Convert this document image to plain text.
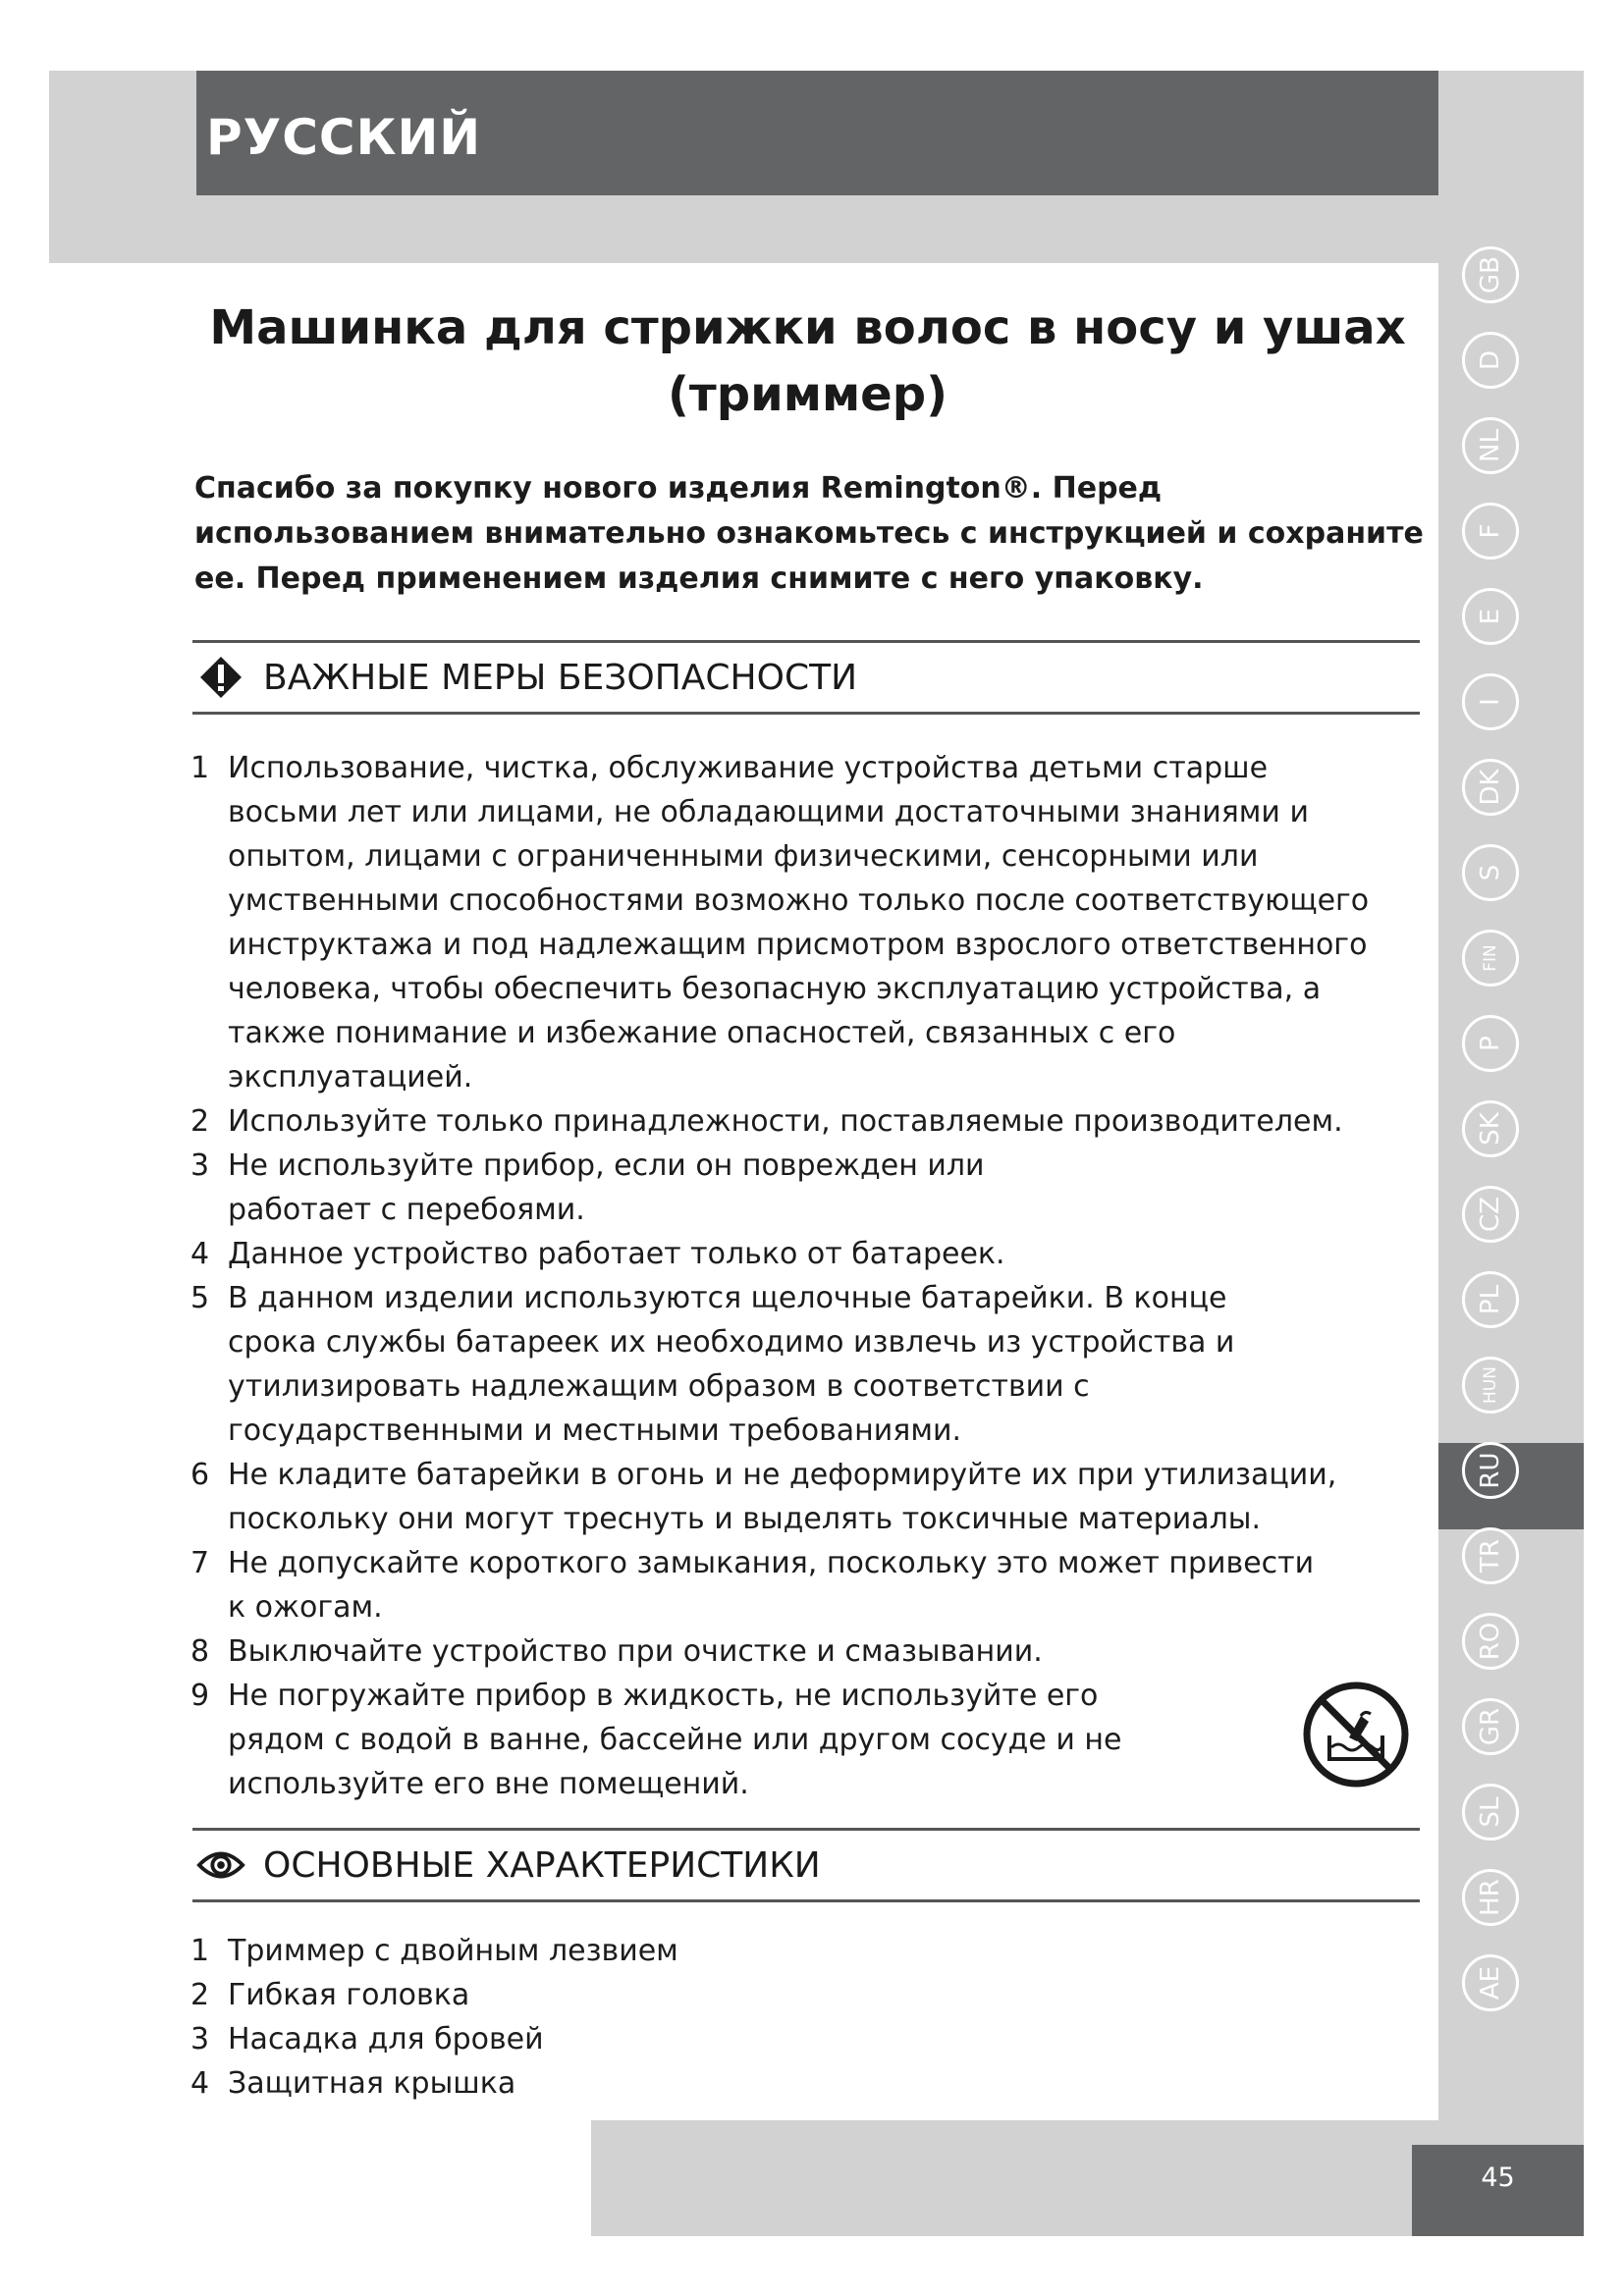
РУССКИЙ
GB
D
NL
F
E
I
DK
S
FIN
P
SK
CZ
PL
HUN
RU
TR
RO
GR
SL
HR
AE
Машинка для стрижки волос в носу и ушах (триммер)
Спасибо за покупку нового изделия Remington®. Перед использованием внимательно ознакомьтесь с инструкцией и сохраните ее. Перед применением изделия снимите с него упаковку.
ВАЖНЫЕ МЕРЫ БЕЗОПАСНОСТИ
1 Использование, чистка, обслуживание устройства детьми старше восьми лет или лицами, не обладающими достаточными знаниями и опытом, лицами с ограниченными физическими, сенсорными или умственными способностями возможно только после соответствующего инструктажа и под надлежащим присмотром взрослого ответственного человека, чтобы обеспечить безопасную эксплуатацию устройства, а также понимание и избежание опасностей, связанных с его эксплуатацией.
2 Используйте только принадлежности, поставляемые производителем.
3 Не используйте прибор, если он поврежден или работает с перебоями.
4 Данное устройство работает только от батареек.
5 В данном изделии используются щелочные батарейки. В конце срока службы батареек их необходимо извлечь из устройства и утилизировать надлежащим образом в соответствии с государственными и местными требованиями.
6 Не кладите батарейки в огонь и не деформируйте их при утилизации, поскольку они могут треснуть и выделять токсичные материалы.
7 Не допускайте короткого замыкания, поскольку это может привести к ожогам.
8 Выключайте устройство при очистке и смазывании.
9 Не погружайте прибор в жидкость, не используйте его рядом с водой в ванне, бассейне или другом сосуде и не используйте его вне помещений.
ОСНОВНЫЕ ХАРАКТЕРИСТИКИ
1 Триммер с двойным лезвием
2 Гибкая головка
3 Насадка для бровей
4 Защитная крышка
45
